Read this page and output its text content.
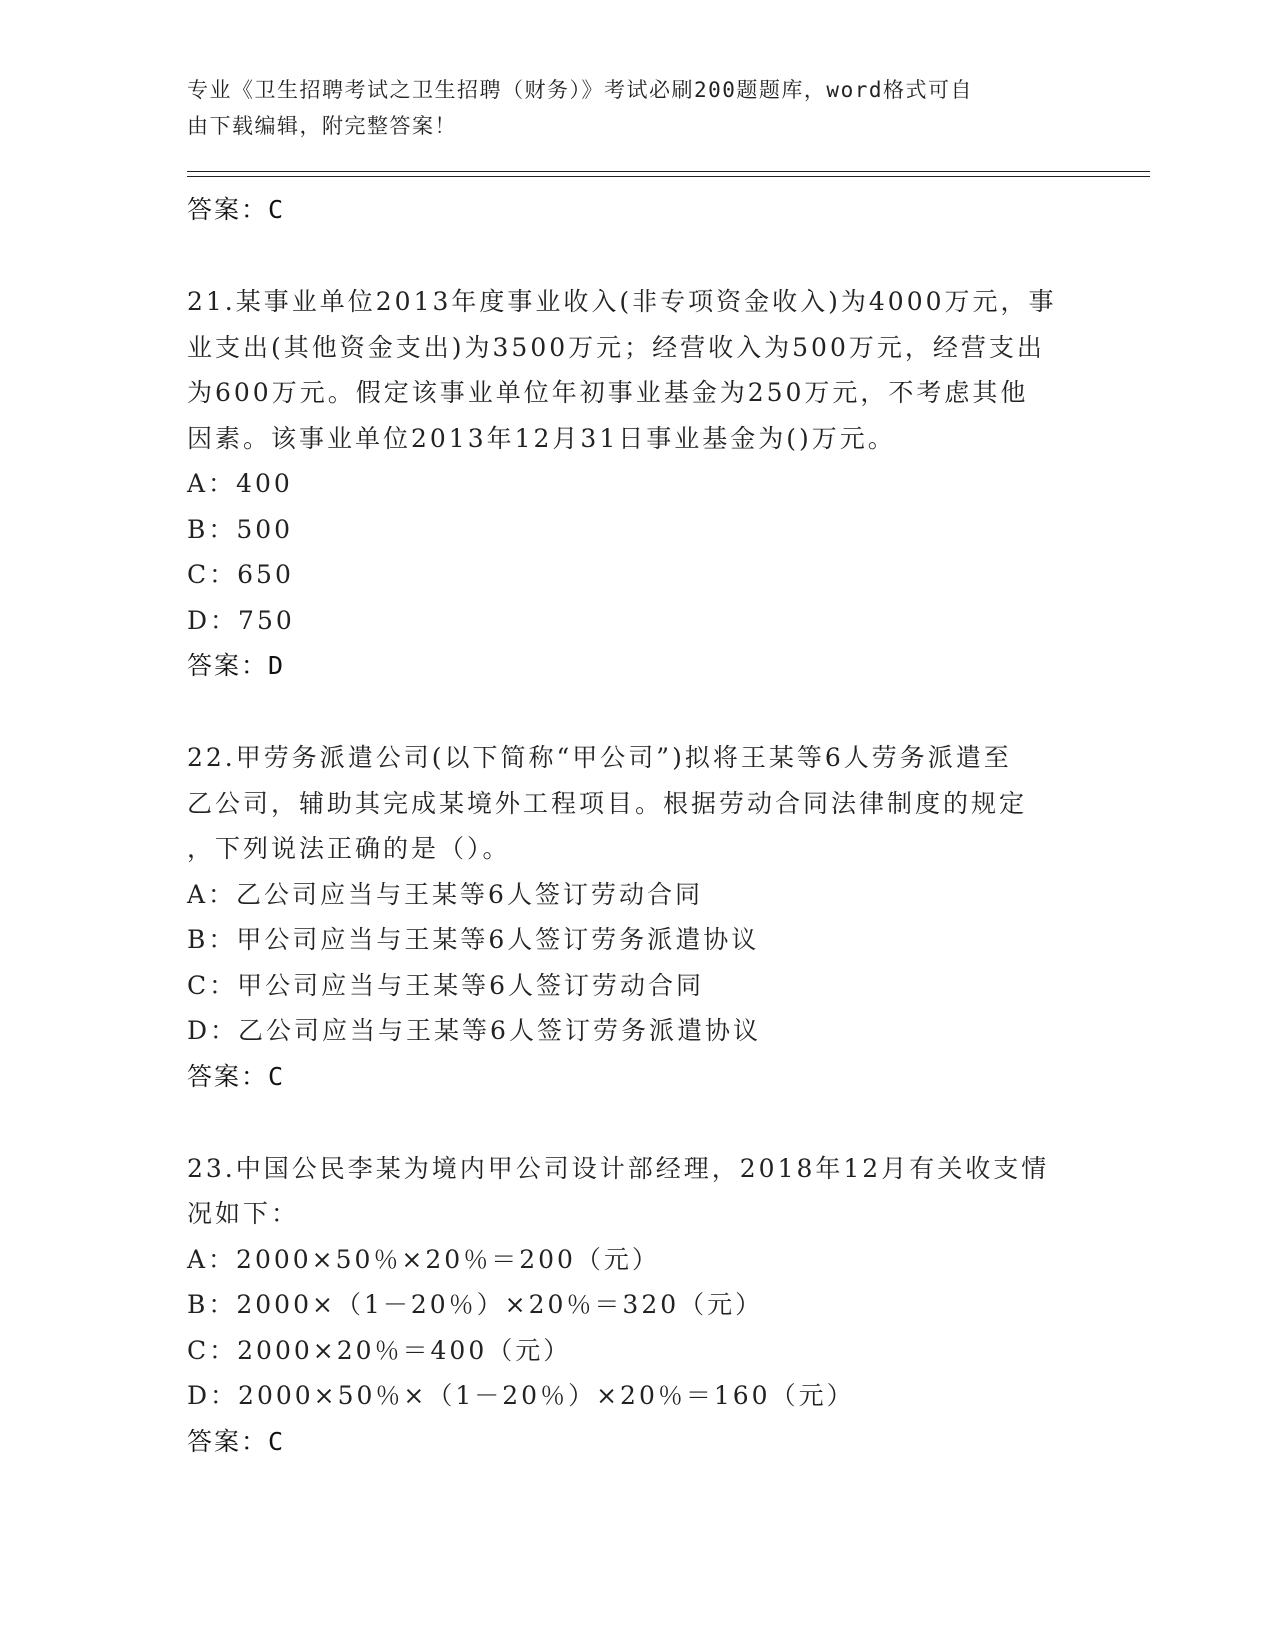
专业《卫生招聘考试之卫生招聘（财务）》考试必刷200题题库，word格式可自
由下载编辑，附完整答案！
答案：C
21.某事业单位2013年度事业收入(非专项资金收入)为4000万元，事
业支出(其他资金支出)为3500万元；经营收入为500万元，经营支出
为600万元。假定该事业单位年初事业基金为250万元，不考虑其他
因素。该事业单位2013年12月31日事业基金为()万元。
A：400
B：500
C：650
D：750
答案：D
22.甲劳务派遣公司(以下简称“甲公司”)拟将王某等6人劳务派遣至
乙公司，辅助其完成某境外工程项目。根据劳动合同法律制度的规定
，下列说法正确的是（）。
A：乙公司应当与王某等6人签订劳动合同
B：甲公司应当与王某等6人签订劳务派遣协议
C：甲公司应当与王某等6人签订劳动合同
D：乙公司应当与王某等6人签订劳务派遣协议
答案：C
23.中国公民李某为境内甲公司设计部经理，2018年12月有关收支情
况如下：
A：2000×50％×20％＝200（元）
B：2000×（1－20％）×20％＝320（元）
C：2000×20％＝400（元）
D：2000×50％×（1－20％）×20％＝160（元）
答案：C
